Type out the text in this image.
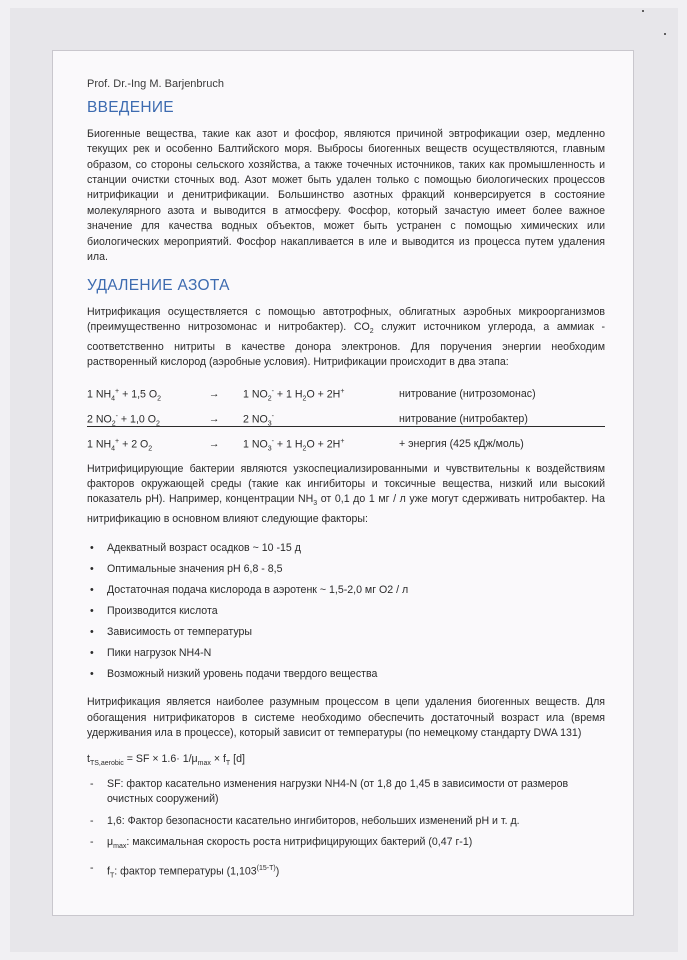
Prof. Dr.-Ing M. Barjenbruch
ВВЕДЕНИЕ

Биогенные вещества, такие как азот и фосфор, являются причиной эвтрофикации озер, медленно текущих рек и особенно Балтийского моря. Выбросы биогенных веществ осуществляются, главным образом, со стороны сельского хозяйства, а также точечных источников, таких как промышленность и станции очистки сточных вод. Азот может быть удален только с помощью биологических процессов нитрификации и денитрификации. Большинство азотных фракций конверсируется в состояние молекулярного азота и выводится в атмосферу. Фосфор, который зачастую имеет более важное значение для качества водных объектов, может быть устранен с помощью химических или биологических мероприятий. Фосфор накапливается в иле и выводится из процесса путем удаления ила.

УДАЛЕНИЕ АЗОТА

Нитрификация осуществляется с помощью автотрофных, облигатных аэробных микроорганизмов (преимущественно нитрозомонас и нитробактер). $CO_2$ служит источником углерода, а аммиак - соответственно нитриты в качестве донора электронов. Для поручения энергии необходим растворенный кислород (аэробные условия). Нитрификации происходит в два этапа:

1 $NH_4^+ + 1,5$ $O_2$	→	1 $NO_2^- + 1$ $H_2O + 2H^+$	нитрование (нитрозомонас)
2 $NO_2^- + 1,0$ $O_2$	→	2 $NO_3^-$	нитрование (нитробактер)
1 $NH_4^+ + 2$ $O_2$	→	1 $NO_3^- + 1$ $H_2O + 2H^+$	+ энергия (425 кДж/моль)

Нитрифицирующие бактерии являются узкоспециализированными и чувствительны к воздействиям факторов окружающей среды (такие как ингибиторы и токсичные вещества, низкий или высокий показатель pH). Например, концентрации $NH_3$ от 0,1 до 1 мг / л уже могут сдерживать нитробактер. На нитрификацию в основном влияют следующие факторы:

• Адекватный возраст осадков ~ 10 -15 д
• Оптимальные значения pH 6,8 - 8,5
• Достаточная подача кислорода в аэротенк ~ 1,5-2,0 мг О2 / л
• Производится кислота
• Зависимость от температуры
• Пики нагрузок NH4-N
• Возможный низкий уровень подачи твердого вещества

Нитрификация является наиболее разумным процессом в цепи удаления биогенных веществ. Для обогащения нитрификаторов в системе необходимо обеспечить достаточный возраст ила (время удерживания ила в процессе), который зависит от температуры (по немецкому стандарту DWA 131)

$t_{TS,aerobic}$ = SF × $1.6\cdot 1/\mu_{max} \times f_T$ [d]
- SF: фактор касательно изменения нагрузки NH4-N (от 1,8 до 1,45 в зависимости от размеров очистных сооружений)
- 1,6: Фактор безопасности касательно ингибиторов, небольших изменений pH и т. д.
- $\mu_{max}$: максимальная скорость роста нитрифицирующих бактерий (0,47 г-1)
- $f_T$: фактор температуры $(1,103^{(15-T)})$
